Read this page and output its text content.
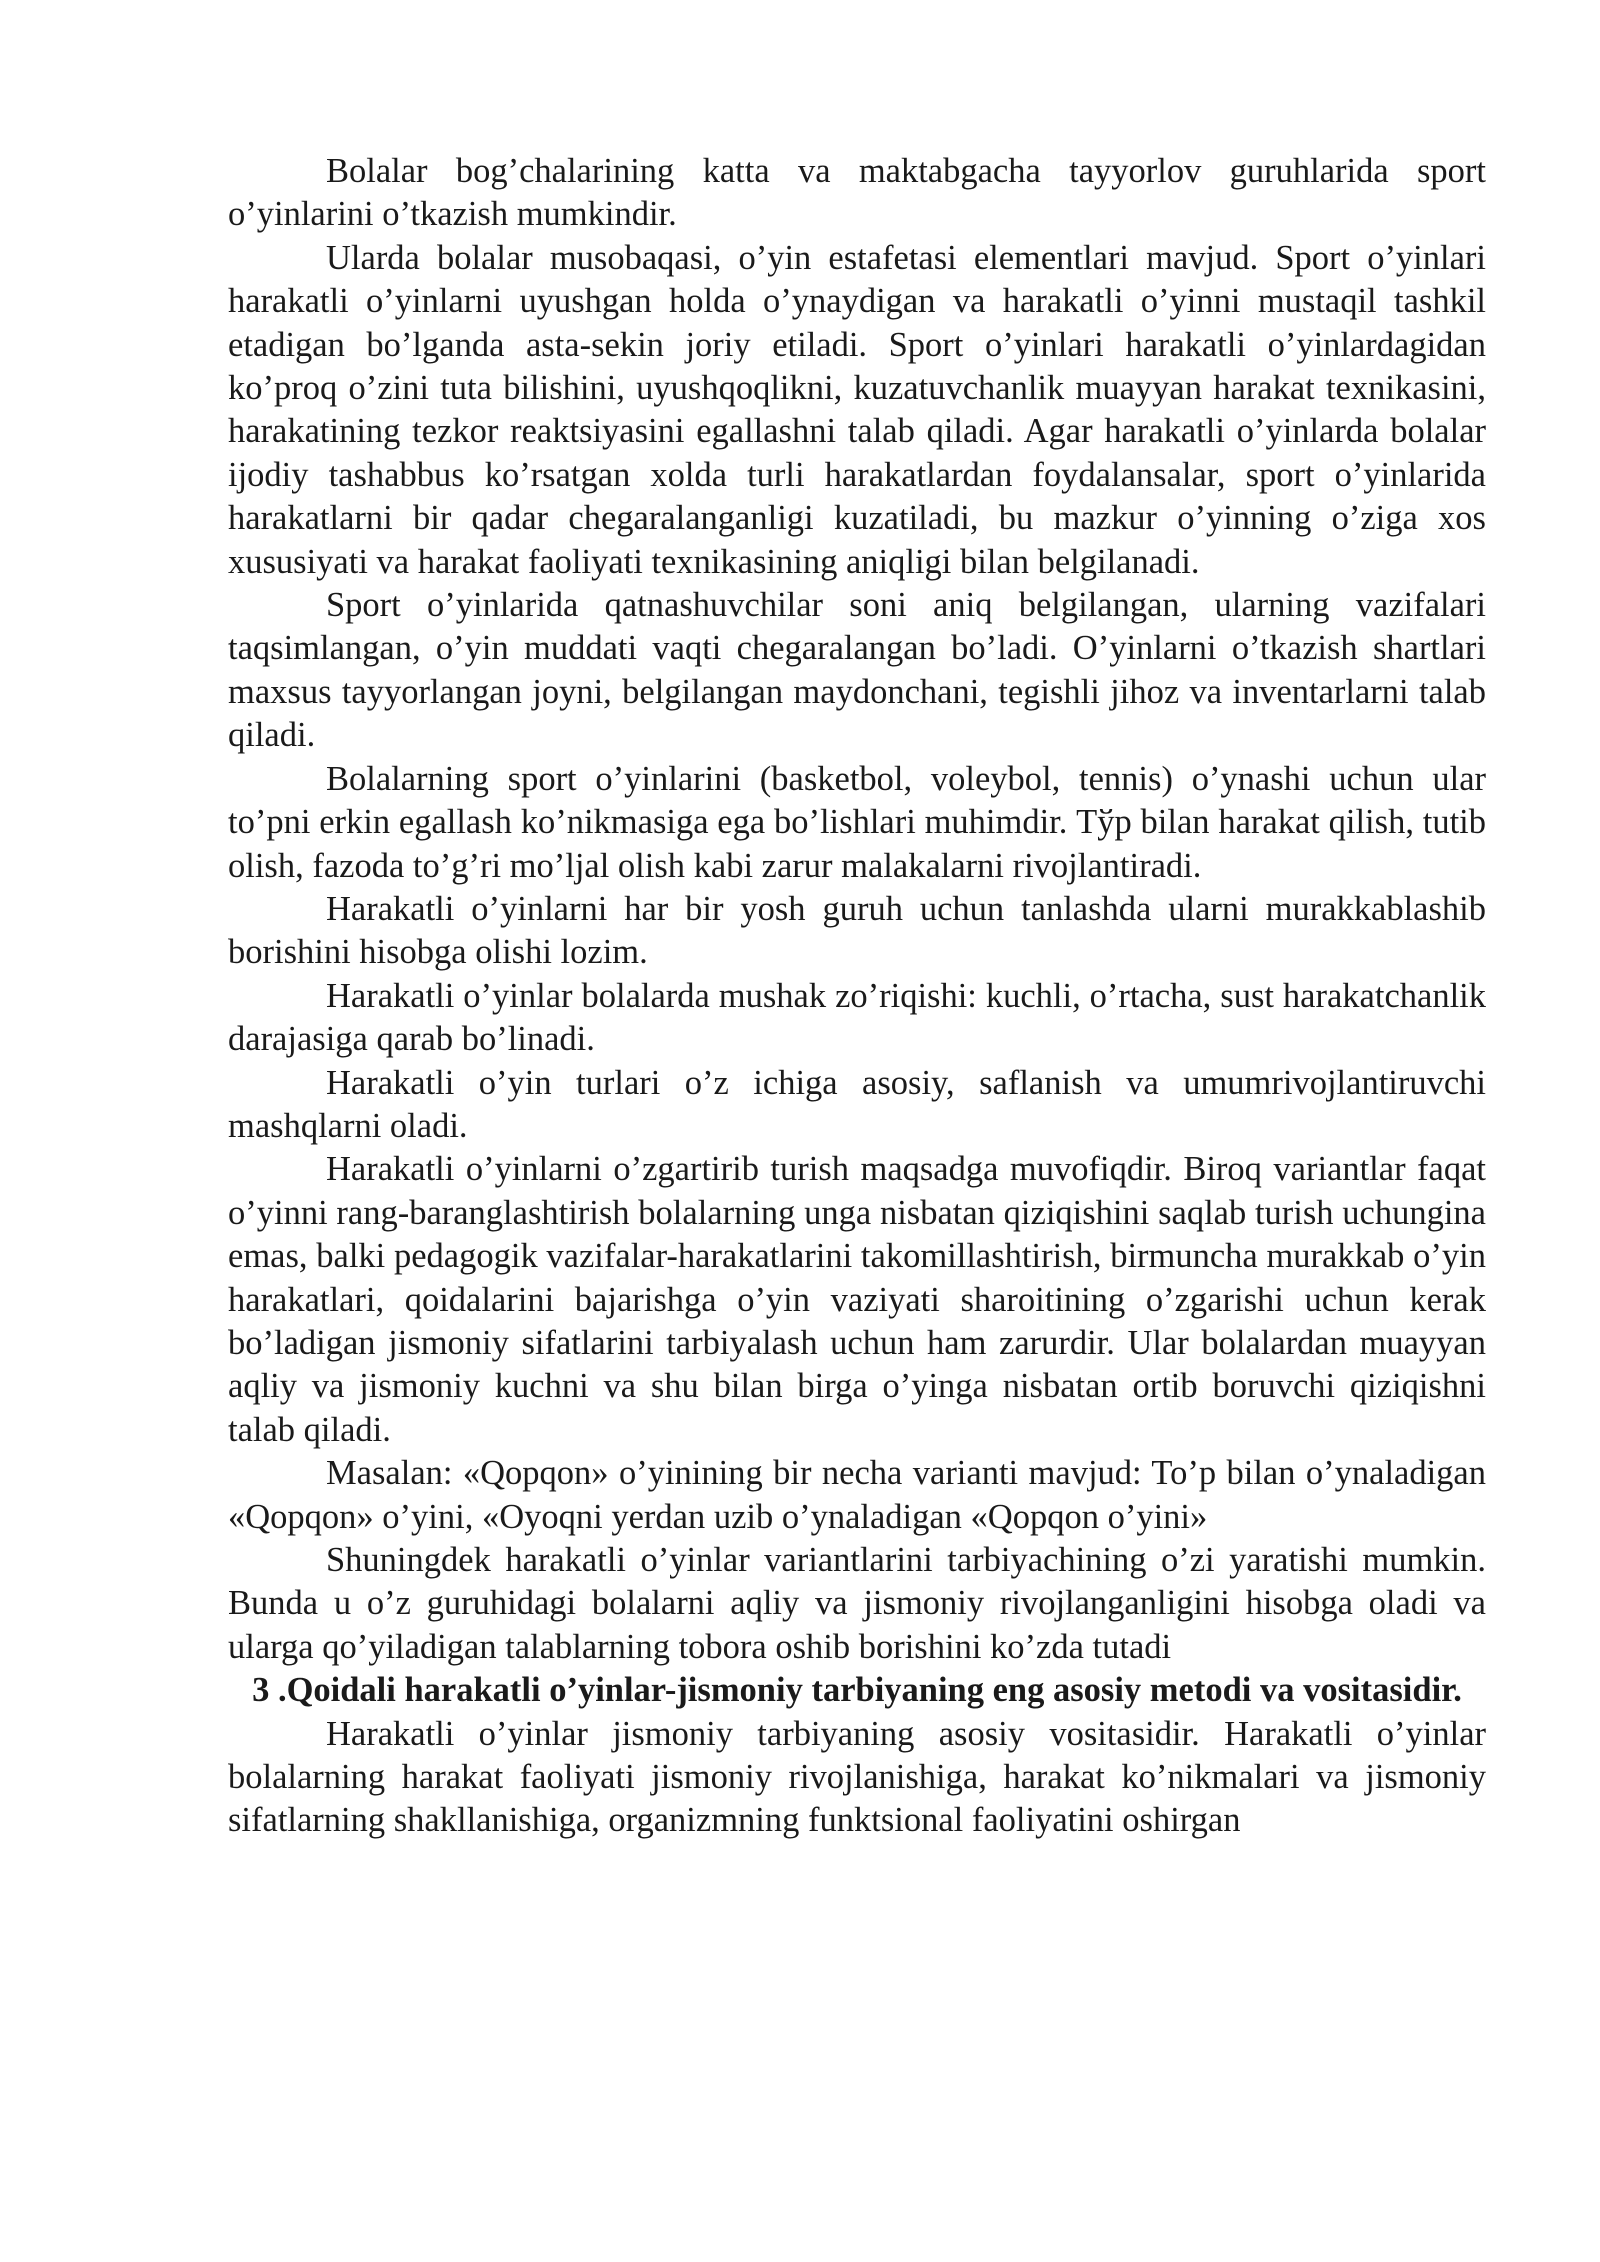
Bolalar bog’chalarining katta va maktabgacha tayyorlov guruhlarida sport o’yinlarini o’tkazish mumkindir.

Ularda bolalar musobaqasi, o’yin estafetasi elementlari mavjud. Sport o’yinlari harakatli o’yinlarni uyushgan holda o’ynaydigan va harakatli o’yinni mustaqil tashkil etadigan bo’lganda asta-sekin joriy etiladi. Sport o’yinlari harakatli o’yinlardagidan ko’proq o’zini tuta bilishini, uyushqoqlikni, kuzatuvchanlik muayyan harakat texnikasini, harakatining tezkor reaktsiyasini egallashni talab qiladi. Agar harakatli o’yinlarda bolalar ijodiy tashabbus ko’rsatgan xolda turli harakatlardan foydalansalar, sport o’yinlarida harakatlarni bir qadar chegaralanganligi kuzatiladi, bu mazkur o’yinning o’ziga xos xususiyati va harakat faoliyati texnikasining aniqligi bilan belgilanadi.

Sport o’yinlarida qatnashuvchilar soni aniq belgilangan, ularning vazifalari taqsimlangan, o’yin muddati vaqti chegaralangan bo’ladi. O’yinlarni o’tkazish shartlari maxsus tayyorlangan joyni, belgilangan maydonchani, tegishli jihoz va inventarlarni talab qiladi.

Bolalarning sport o’yinlarini (basketbol, voleybol, tennis) o’ynashi uchun ular to’pni erkin egallash ko’nikmasiga ega bo’lishlari muhimdir. Тўр bilan harakat qilish, tutib olish, fazoda to’g’ri mo’ljal olish kabi zarur malakalarni rivojlantiradi.

Harakatli o’yinlarni har bir yosh guruh uchun tanlashda ularni murakkablashib borishini hisobga olishi lozim.

Harakatli o’yinlar bolalarda mushak zo’riqishi: kuchli, o’rtacha, sust harakatchanlik darajasiga qarab bo’linadi.

Harakatli o’yin turlari o’z ichiga asosiy, saflanish va umumrivojlantiruvchi mashqlarni oladi.

Harakatli o’yinlarni o’zgartirib turish maqsadga muvofiqdir. Biroq variantlar faqat o’yinni rang-baranglashtirish bolalarning unga nisbatan qiziqishini saqlab turish uchungina emas, balki pedagogik vazifalar-harakatlarini takomillashtirish, birmuncha murakkab o’yin harakatlari, qoidalarini bajarishga o’yin vaziyati sharoitining o’zgarishi uchun kerak bo’ladigan jismoniy sifatlarini tarbiyalash uchun ham zarurdir. Ular bolalardan muayyan aqliy va jismoniy kuchni va shu bilan birga o’yinga nisbatan ortib boruvchi qiziqishni talab qiladi.

Masalan: «Qopqon» o’yinining bir necha varianti mavjud: To’p bilan o’ynaladigan «Qopqon» o’yini, «Oyoqni yerdan uzib o’ynaladigan «Qopqon o’yini»

Shuningdek harakatli o’yinlar variantlarini tarbiyachining o’zi yaratishi mumkin. Bunda u o’z guruhidagi bolalarni aqliy va jismoniy rivojlanganligini hisobga oladi va ularga qo’yiladigan talablarning tobora oshib borishini ko’zda tutadi

3 .Qoidali harakatli o’yinlar-jismoniy tarbiyaning eng asosiy metodi va vositasidir.

Harakatli o’yinlar jismoniy tarbiyaning asosiy vositasidir. Harakatli o’yinlar bolalarning harakat faoliyati jismoniy rivojlanishiga, harakat ko’nikmalari va jismoniy sifatlarning shakllanishiga, organizmning funktsional faoliyatini oshirgan
